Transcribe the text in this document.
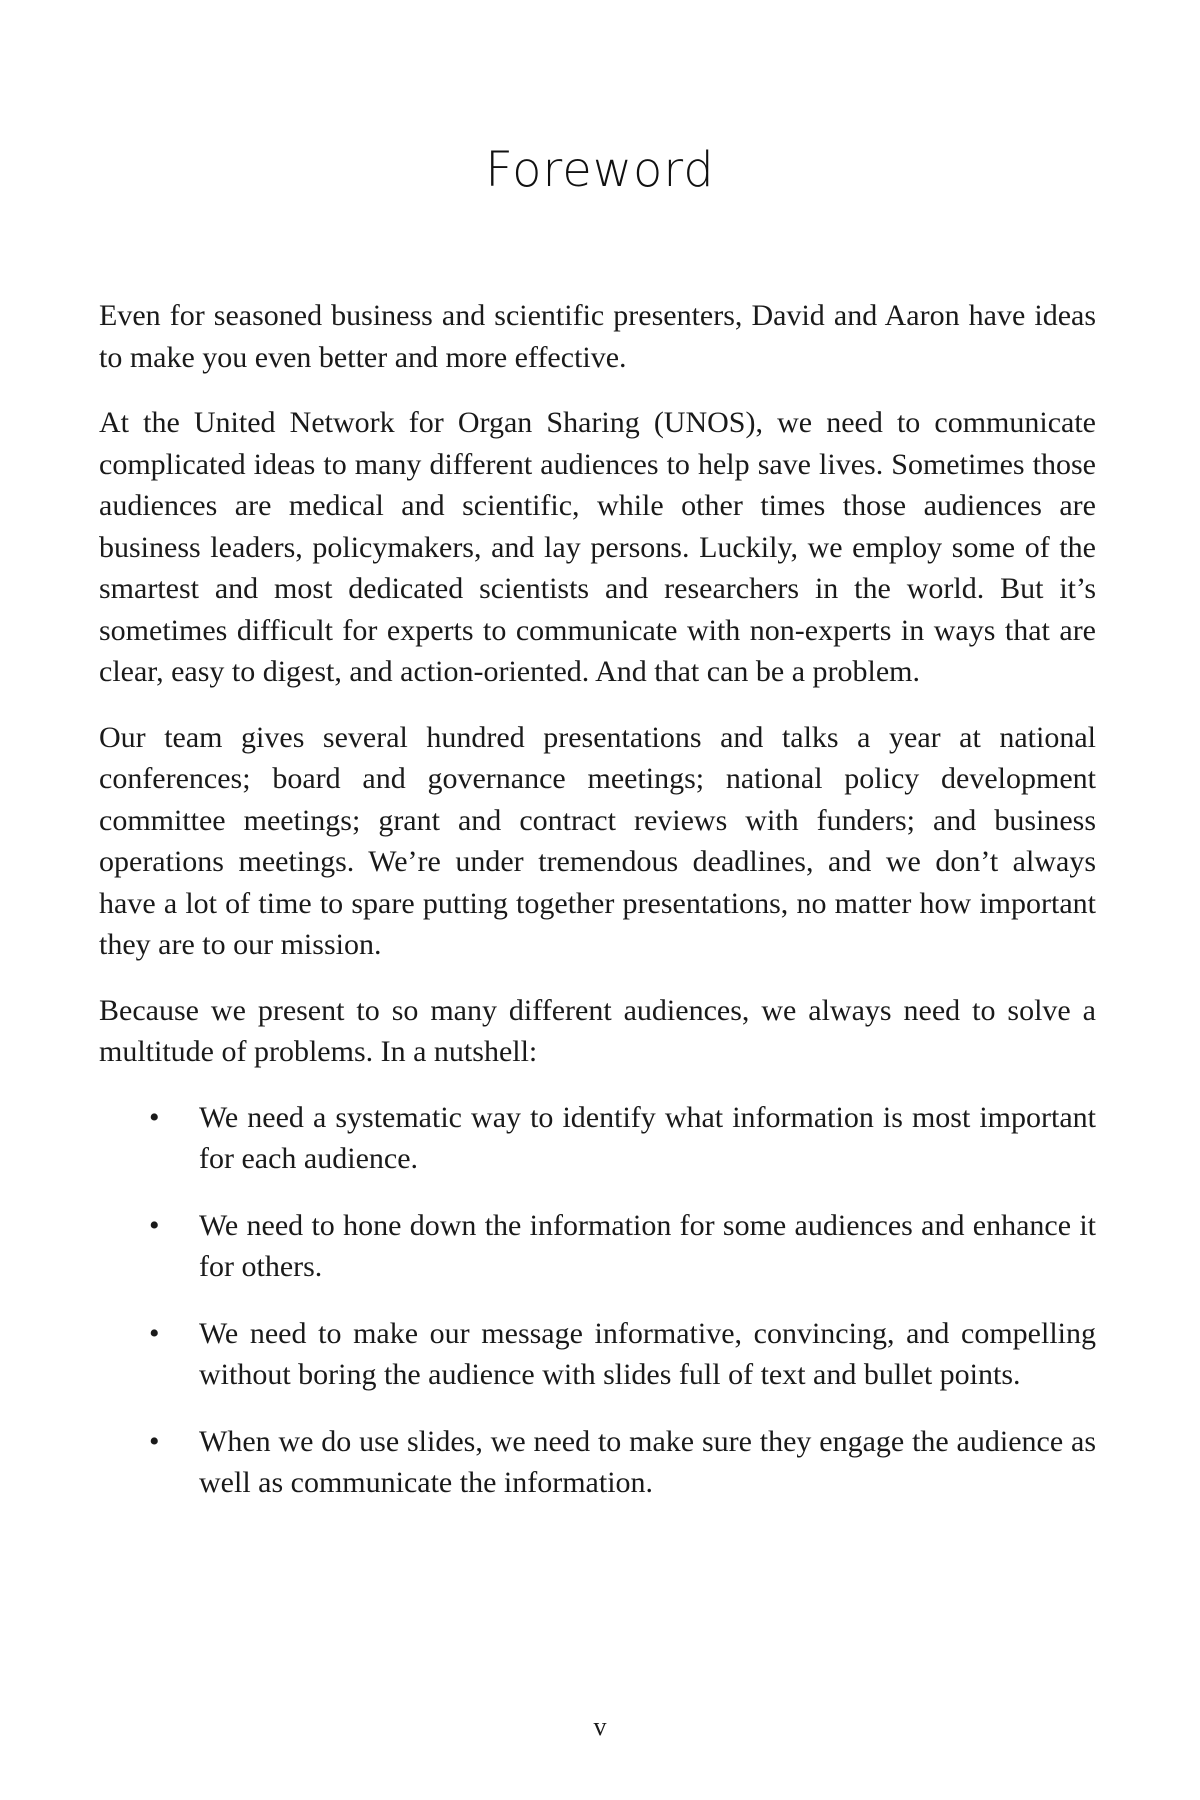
Foreword

Even for seasoned business and scientific presenters, David and Aaron have ideas to make you even better and more effective.

At the United Network for Organ Sharing (UNOS), we need to communicate complicated ideas to many different audiences to help save lives. Sometimes those audiences are medical and scientific, while other times those audiences are business leaders, policymakers, and lay persons. Luckily, we employ some of the smartest and most dedicated scientists and researchers in the world. But it’s sometimes difficult for experts to communicate with non-experts in ways that are clear, easy to digest, and action-oriented. And that can be a problem.

Our team gives several hundred presentations and talks a year at national conferences; board and governance meetings; national policy development committee meetings; grant and contract reviews with funders; and business operations meetings. We’re under tremendous deadlines, and we don’t always have a lot of time to spare putting together presentations, no matter how important they are to our mission.

Because we present to so many different audiences, we always need to solve a multitude of problems. In a nutshell:

• We need a systematic way to identify what information is most important for each audience.
• We need to hone down the information for some audiences and enhance it for others.
• We need to make our message informative, convincing, and compelling without boring the audience with slides full of text and bullet points.
• When we do use slides, we need to make sure they engage the audience as well as communicate the information.
v
